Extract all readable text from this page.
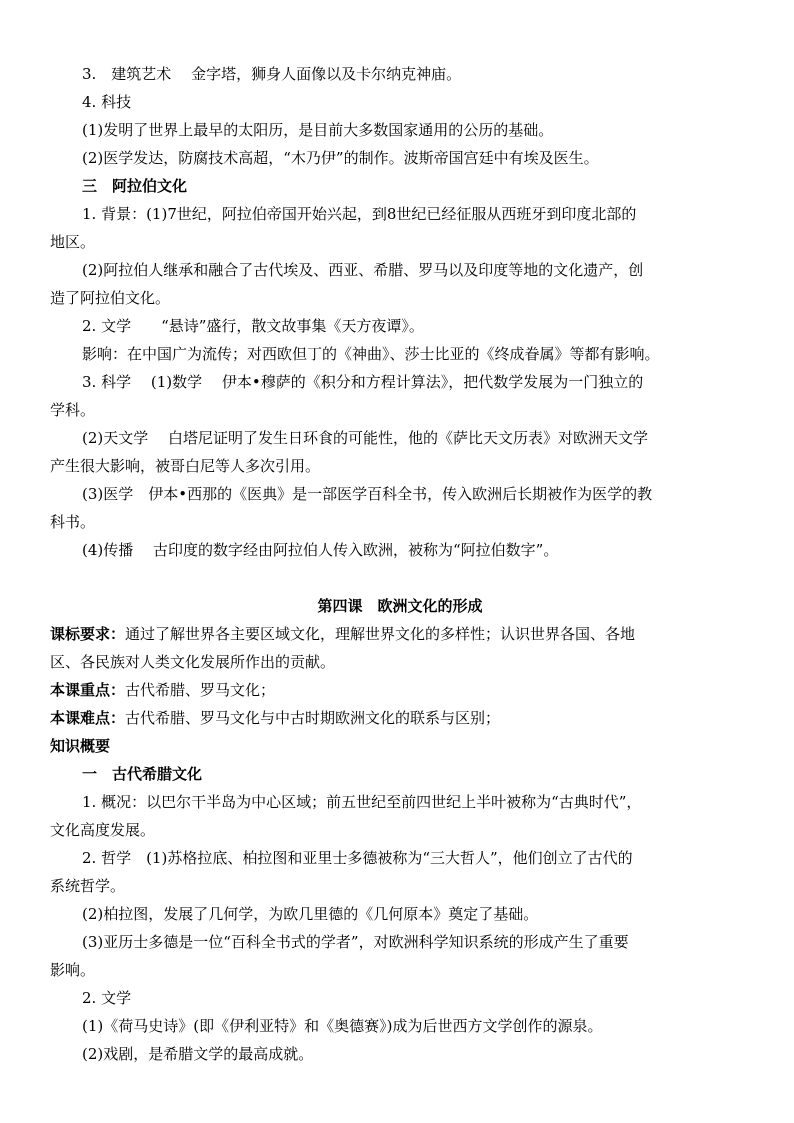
3.　建筑艺术　 金字塔，狮身人面像以及卡尔纳克神庙。

4. 科技

(1)发明了世界上最早的太阳历，是目前大多数国家通用的公历的基础。

(2)医学发达，防腐技术高超，“木乃伊”的制作。波斯帝国宫廷中有埃及医生。

三　阿拉伯文化

1. 背景：(1)7世纪，阿拉伯帝国开始兴起，到8世纪已经征服从西班牙到印度北部的

地区。

(2)阿拉伯人继承和融合了古代埃及、西亚、希腊、罗马以及印度等地的文化遗产，创

造了阿拉伯文化。

2. 文学　　“悬诗”盛行，散文故事集《天方夜谭》。

影响：在中国广为流传；对西欧但丁的《神曲》、莎士比亚的《终成眷属》等都有影响。

3. 科学　 (1)数学　 伊本•穆萨的《积分和方程计算法》，把代数学发展为一门独立的

学科。

(2)天文学　 白塔尼证明了发生日环食的可能性，他的《萨比天文历表》对欧洲天文学

产生很大影响，被哥白尼等人多次引用。

(3)医学　伊本•西那的《医典》是一部医学百科全书，传入欧洲后长期被作为医学的教

科书。

(4)传播　 古印度的数字经由阿拉伯人传入欧洲，被称为“阿拉伯数字”。

第四课　欧洲文化的形成

课标要求：通过了解世界各主要区域文化，理解世界文化的多样性；认识世界各国、各地

区、各民族对人类文化发展所作出的贡献。

本课重点：古代希腊、罗马文化；

本课难点：古代希腊、罗马文化与中古时期欧洲文化的联系与区别；

知识概要

一　古代希腊文化

1. 概况：以巴尔干半岛为中心区域；前五世纪至前四世纪上半叶被称为“古典时代”，

文化高度发展。

2. 哲学　(1)苏格拉底、柏拉图和亚里士多德被称为“三大哲人”，他们创立了古代的

系统哲学。

(2)柏拉图，发展了几何学，为欧几里德的《几何原本》奠定了基础。

(3)亚历士多德是一位“百科全书式的学者”，对欧洲科学知识系统的形成产生了重要

影响。

2. 文学

(1)《荷马史诗》(即《伊利亚特》和《奥德赛》)成为后世西方文学创作的源泉。

(2)戏剧，是希腊文学的最高成就。
